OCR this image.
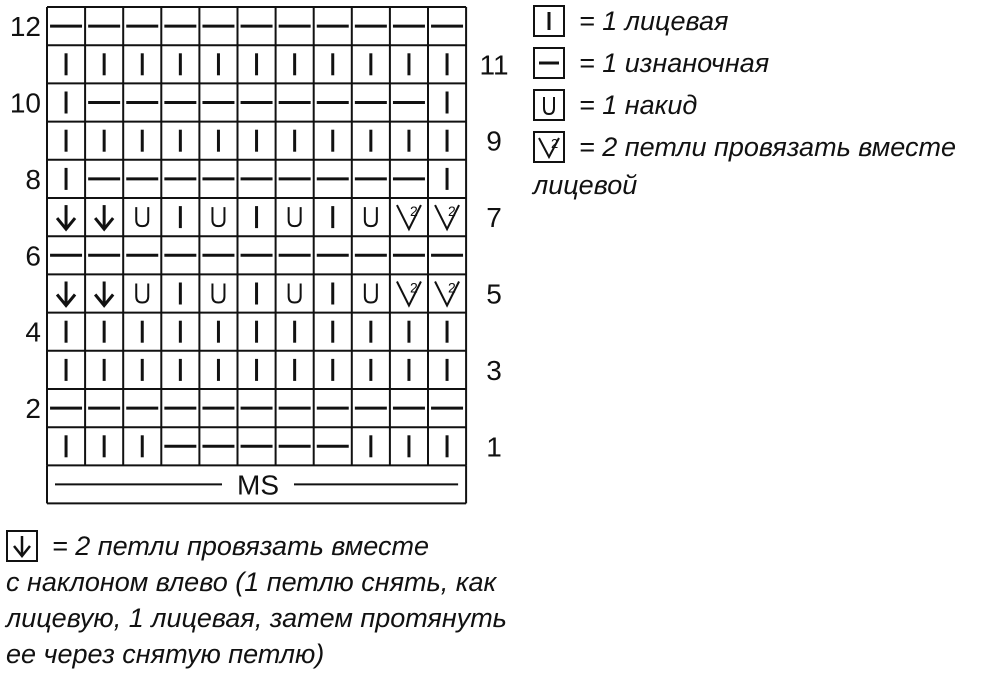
2 2
2 2
12
11
10
9
8
7
6
5
4
3
2
1
MS
= 1 лицевая
= 1 изнаночная
= 1 накид
2 = 2 петли провязать вместе
лицевой
= 2 петли провязать вместе
с наклоном влево (1 петлю снять, как
лицевую, 1 лицевая, затем протянуть
ее через снятую петлю)
